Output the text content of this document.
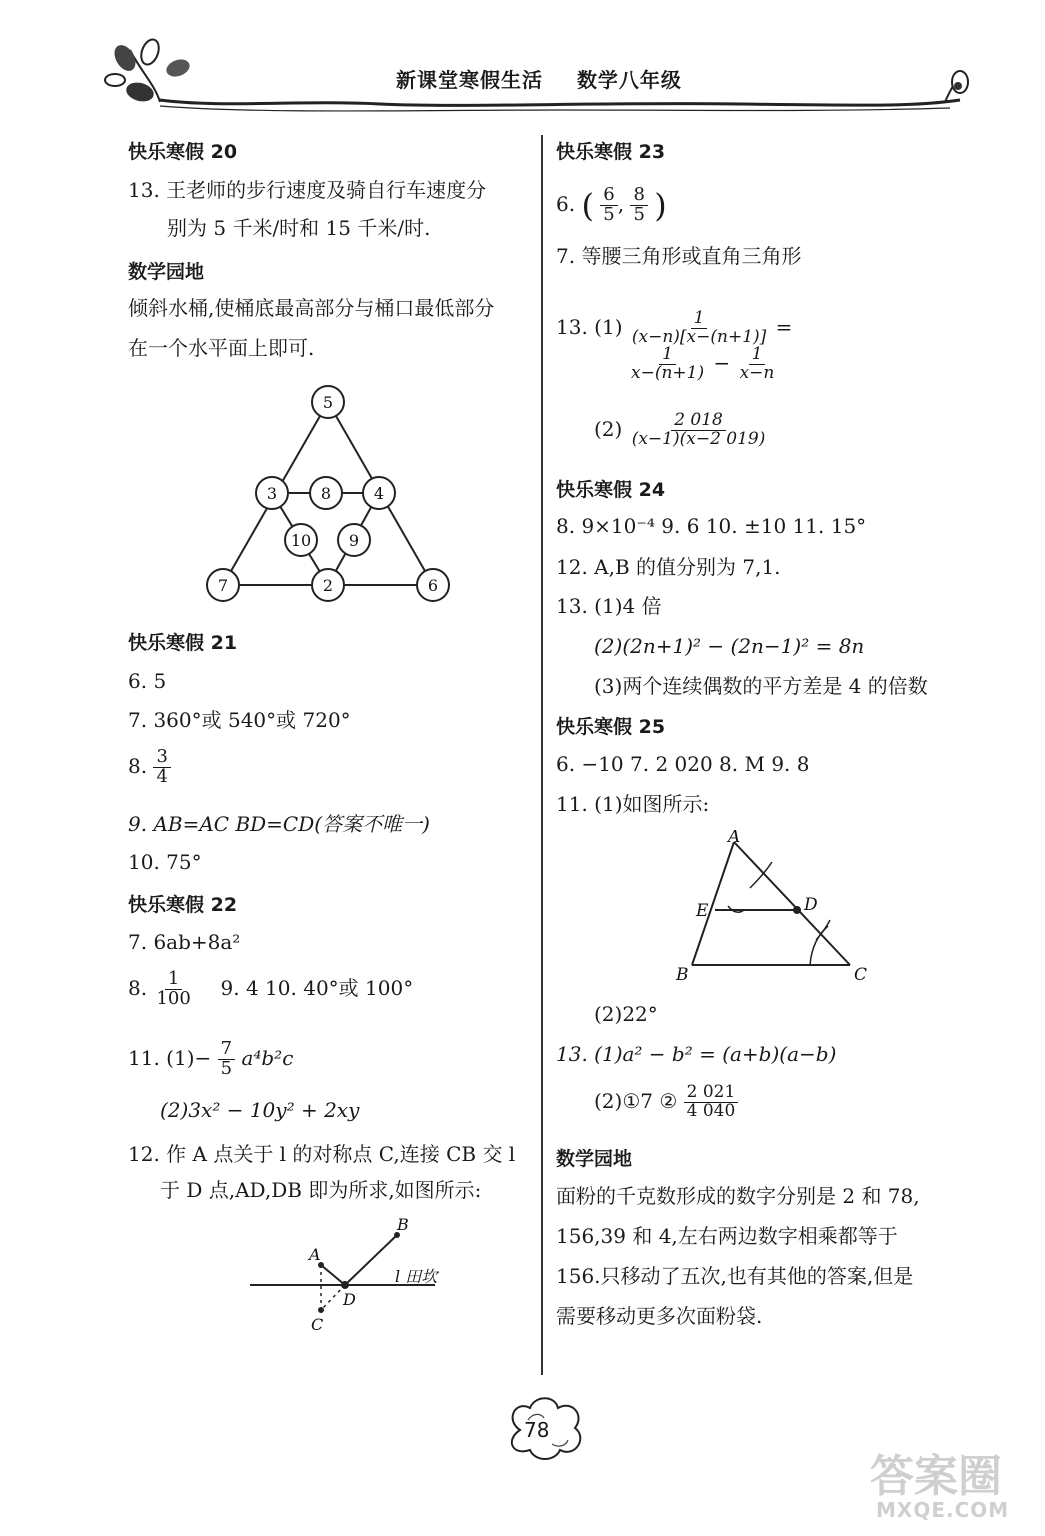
新课堂寒假生活 数学八年级
快乐寒假 20
13. 王老师的步行速度及骑自行车速度分
别为 5 千米/时和 15 千米/时.
数学园地
倾斜水桶,使桶底最高部分与桶口最低部分
在一个水平面上即可.
5
3	8	4
10 9
7	2	6
快乐寒假 21
6. 5
7. 360°或 540°或 720°
8. $\frac{3}{4}$
9. AB=AC BD=CD(答案不唯一)
10. 75°
快乐寒假 22
7. 6ab+8a²
8. $\frac{1}{100} 9$. 4 10. 40°或 100°
11. $(1)- \frac{7}{5} a^4b^2c$
(2)3x² − 10y² + 2xy
12. 作 A 点关于 l 的对称点 C,连接 CB 交 l
于 D 点,AD,DB 即为所求,如图所示:
A
B
D
C
l 田坎
快乐寒假 23
6. ( $\frac{6}{5}$ , $\frac{8}{5}$ )
7. 等腰三角形或直角三角形
13. $(1) \frac{1}{(x-n)[x-(n+1)]}$ =
$\frac{1}{x-(n+1)} - \frac{1}{x-n}$
$(2) \frac{2 018}{(x-1)(x-2 019)}$
快乐寒假 24
8. 9×10⁻⁴ 9. 6 10. ±10 11. 15°
12. A,B 的值分别为 7,1.
13. (1)4 倍
(2)(2n+1)² − (2n−1)² = 8n
(3)两个连续偶数的平方差是 4 的倍数
快乐寒假 25
6. −10 7. 2 020 8. M 9. 8
11. (1)如图所示:
A
E	D
B	C
(2)22°
13. (1)a² − b² = (a+b)(a−b)
(2)①7 ② $\frac{2 021}{4 040}$
数学园地
面粉的千克数形成的数字分别是 2 和 78,
156,39 和 4,左右两边数字相乘都等于
156.只移动了五次,也有其他的答案,但是
需要移动更多次面粉袋.
78
答案圈
MXQE.COM
